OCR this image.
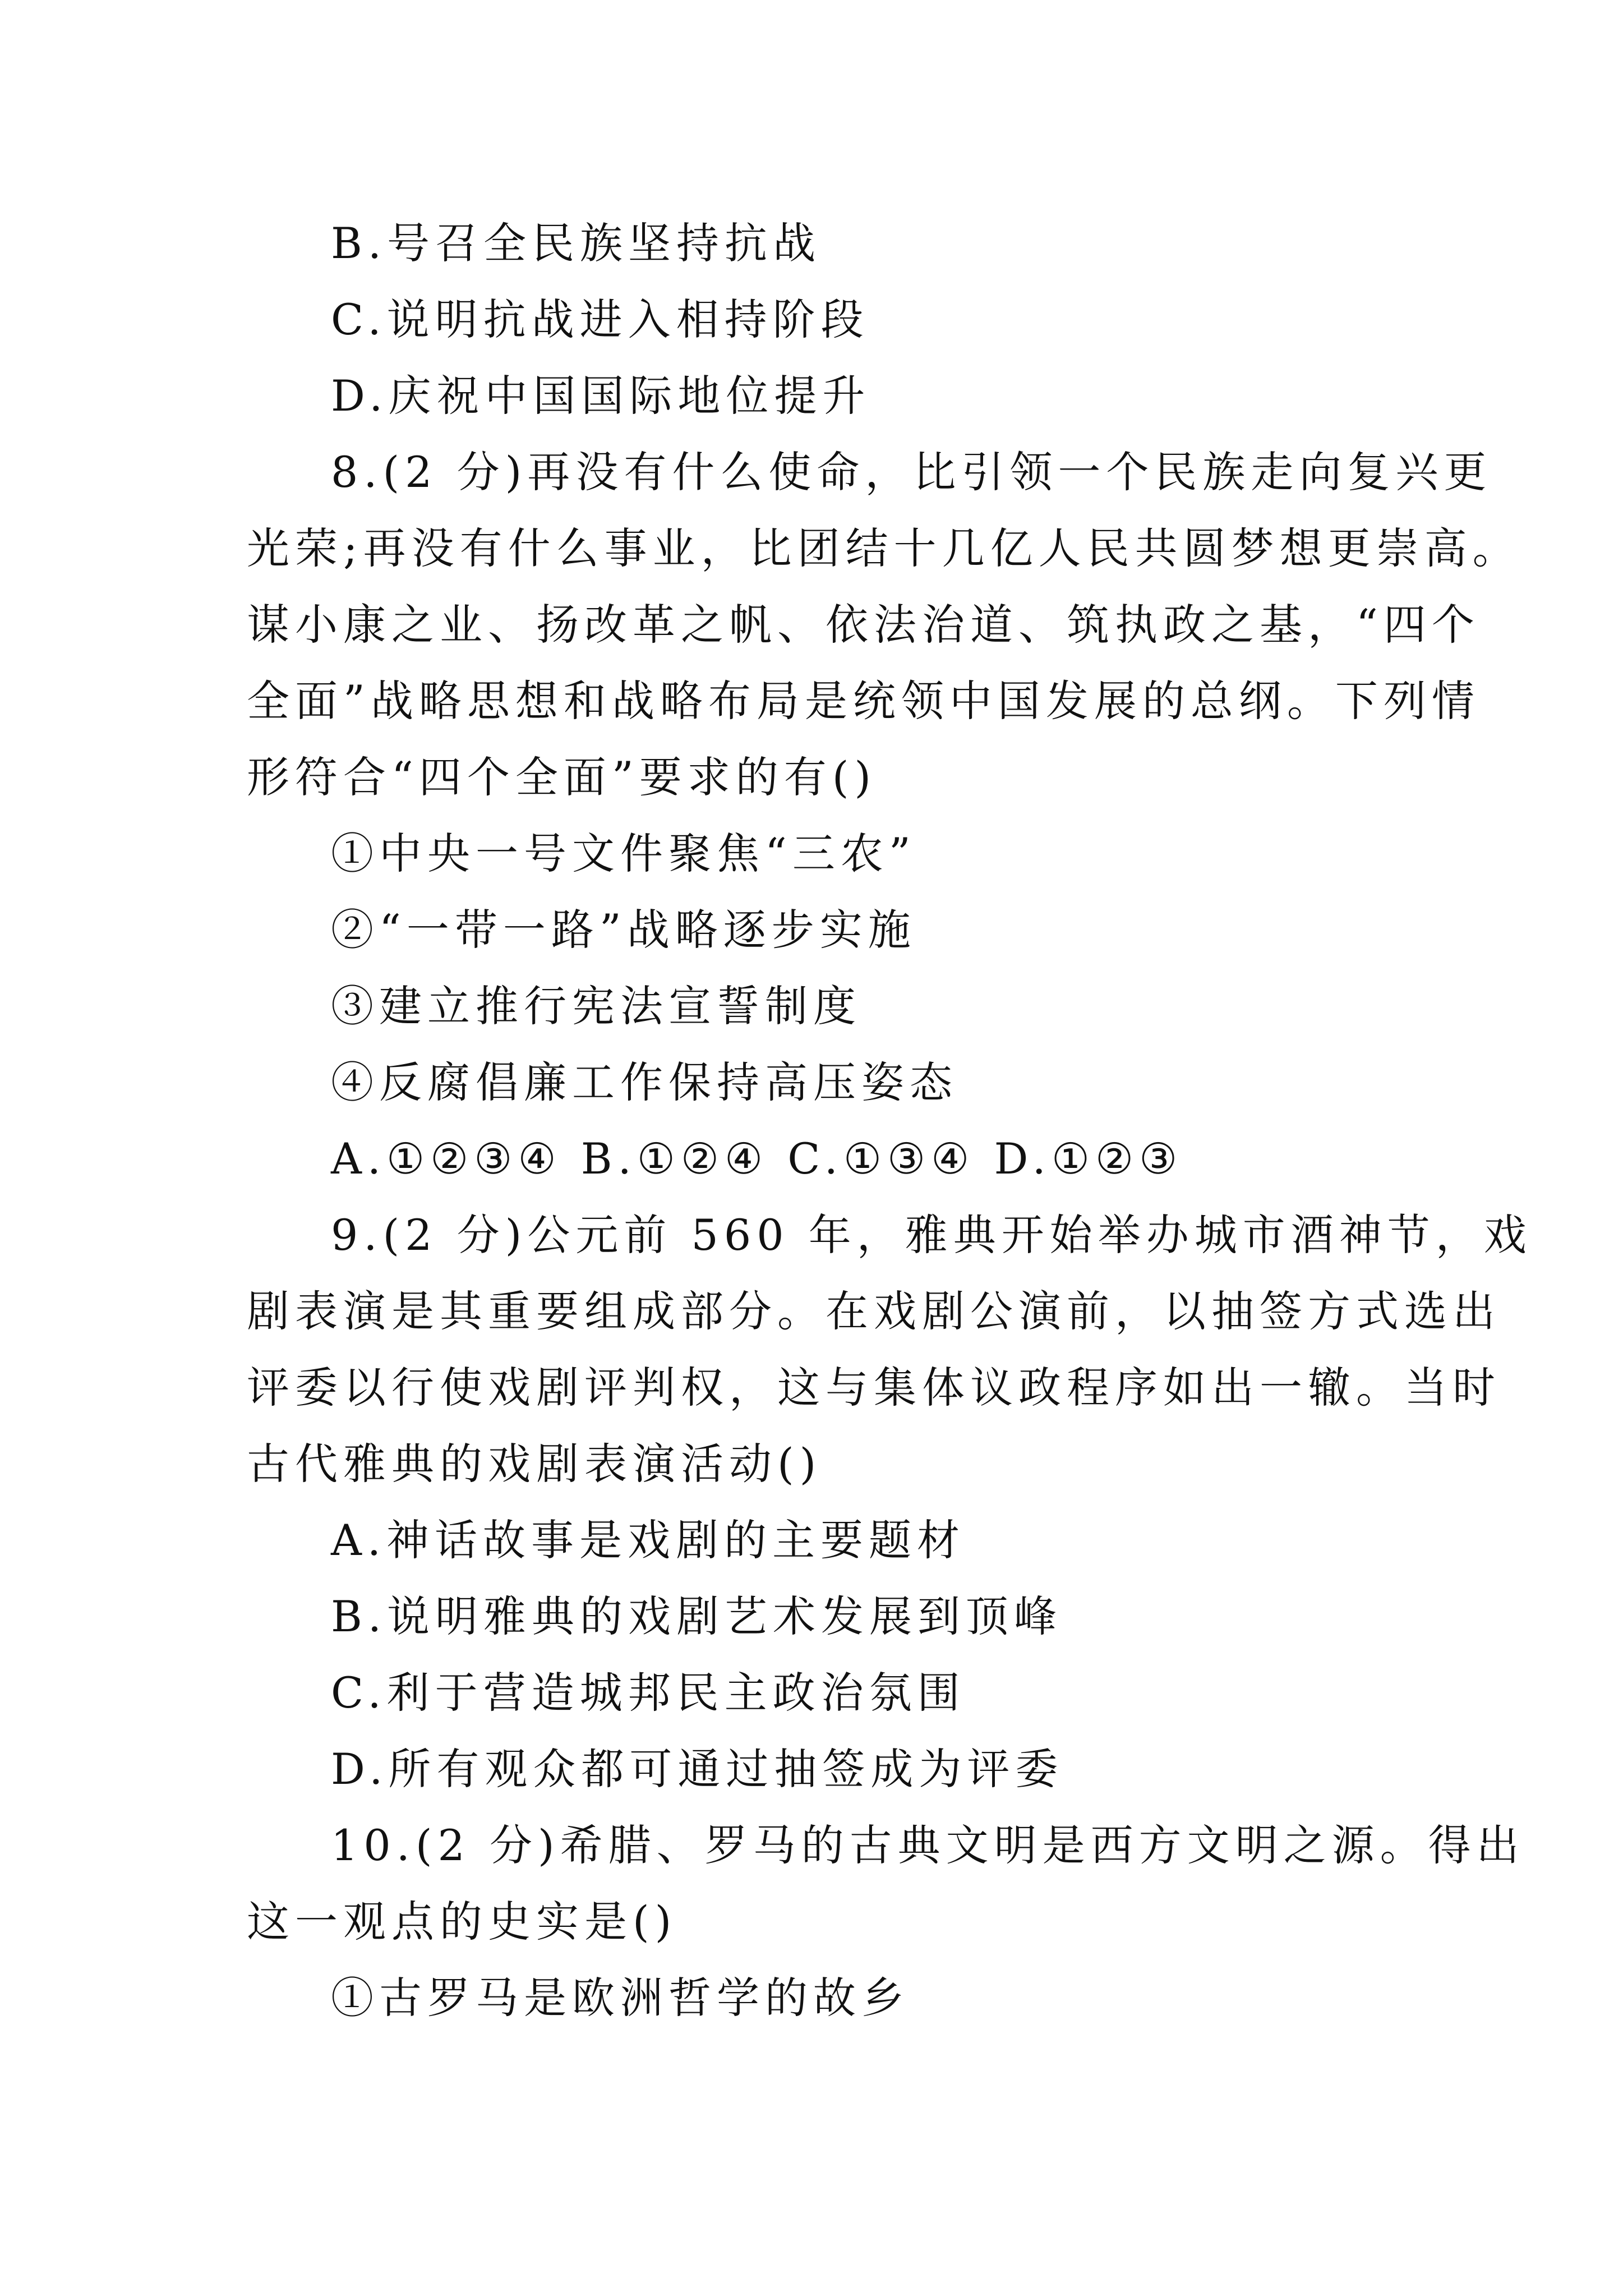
B.号召全民族坚持抗战
C.说明抗战进入相持阶段
D.庆祝中国国际地位提升
8.(2 分)再没有什么使命，比引领一个民族走向复兴更
光荣;再没有什么事业，比团结十几亿人民共圆梦想更崇高。
谋小康之业、扬改革之帆、依法治道、筑执政之基，“四个
全面”战略思想和战略布局是统领中国发展的总纲。下列情
形符合“四个全面”要求的有()
①中央一号文件聚焦“三农”
②“一带一路”战略逐步实施
③建立推行宪法宣誓制度
④反腐倡廉工作保持高压姿态
A.①②③④ B.①②④ C.①③④ D.①②③
9.(2 分)公元前 560 年，雅典开始举办城市酒神节，戏
剧表演是其重要组成部分。在戏剧公演前，以抽签方式选出
评委以行使戏剧评判权，这与集体议政程序如出一辙。当时
古代雅典的戏剧表演活动()
A.神话故事是戏剧的主要题材
B.说明雅典的戏剧艺术发展到顶峰
C.利于营造城邦民主政治氛围
D.所有观众都可通过抽签成为评委
10.(2 分)希腊、罗马的古典文明是西方文明之源。得出
这一观点的史实是()
①古罗马是欧洲哲学的故乡
